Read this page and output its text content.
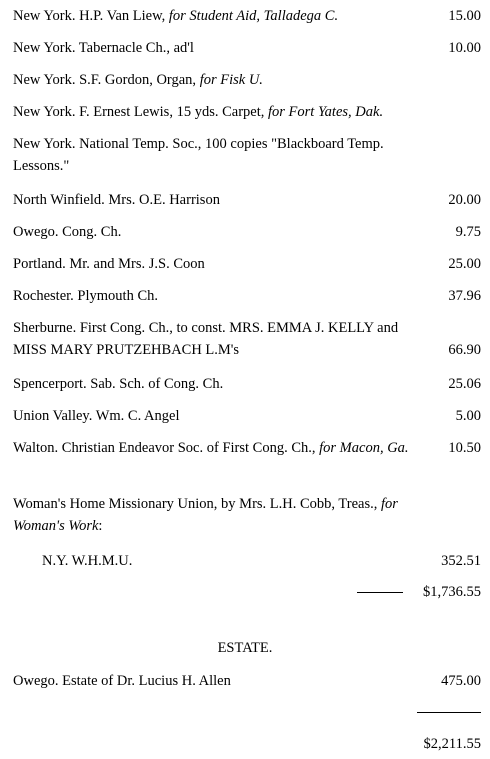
New York. H.P. Van Liew, for Student Aid, Talladega C.	15.00
New York. Tabernacle Ch., ad'l	10.00
New York. S.F. Gordon, Organ, for Fisk U.
New York. F. Ernest Lewis, 15 yds. Carpet, for Fort Yates, Dak.
New York. National Temp. Soc., 100 copies "Blackboard Temp. Lessons."
North Winfield. Mrs. O.E. Harrison	20.00
Owego. Cong. Ch.	9.75
Portland. Mr. and Mrs. J.S. Coon	25.00
Rochester. Plymouth Ch.	37.96
Sherburne. First Cong. Ch., to const. MRS. EMMA J. KELLY and MISS MARY PRUTZEHBACH L.M's	66.90
Spencerport. Sab. Sch. of Cong. Ch.	25.06
Union Valley. Wm. C. Angel	5.00
Walton. Christian Endeavor Soc. of First Cong. Ch., for Macon, Ga.	10.50
Woman's Home Missionary Union, by Mrs. L.H. Cobb, Treas., for Woman's Work:
N.Y. W.H.M.U.	352.51
$1,736.55
ESTATE.
Owego. Estate of Dr. Lucius H. Allen	475.00
$2,211.55
